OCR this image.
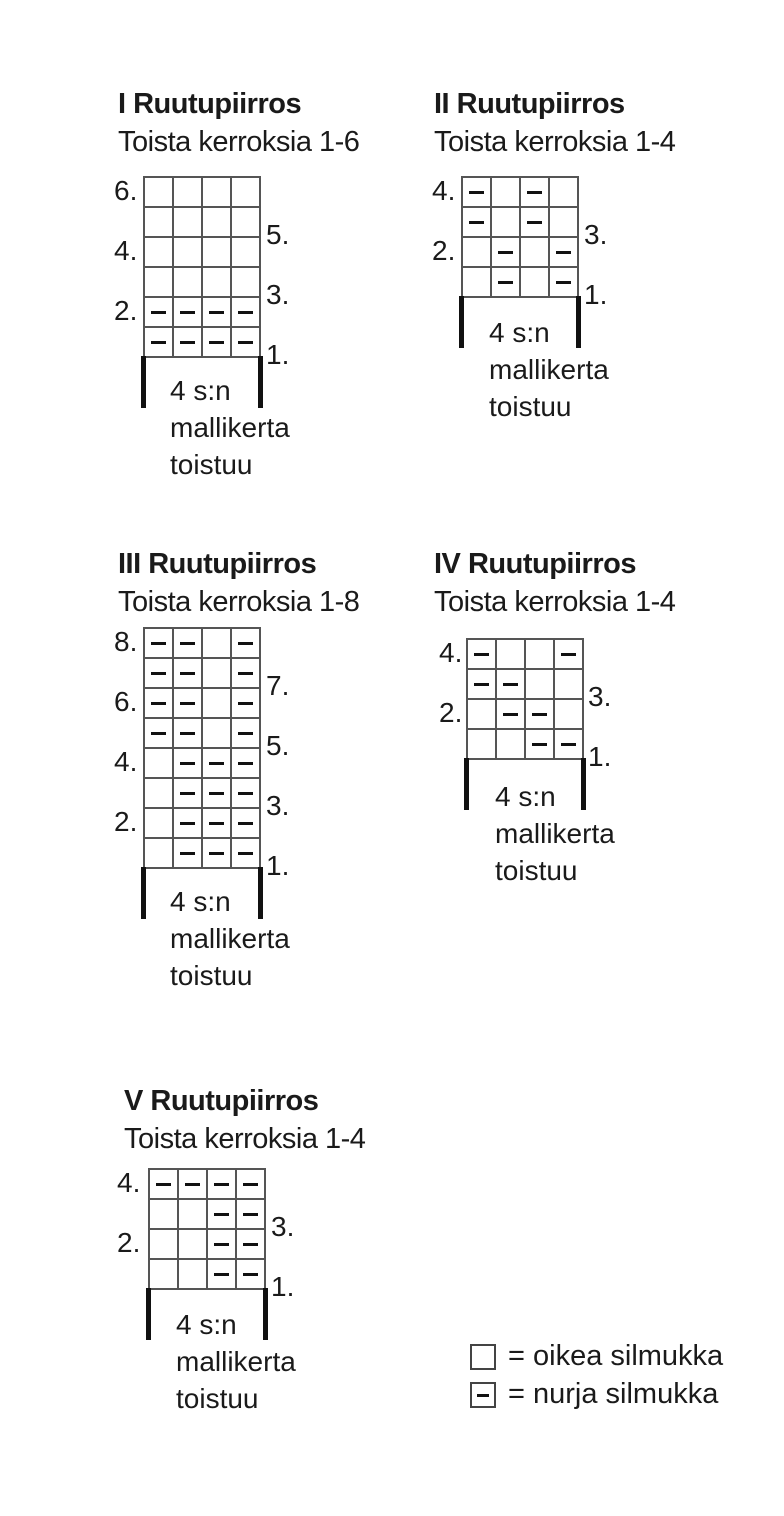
= oikea silmukka
= nurja silmukka
I Ruutupiirros
Toista kerroksia 1-6
6.
5.
4.
3.
2.
1.
4 s:n
mallikerta
toistuu
II Ruutupiirros
Toista kerroksia 1-4
4.
3.
2.
1.
4 s:n
mallikerta
toistuu
III Ruutupiirros
Toista kerroksia 1-8
8.
7.
6.
5.
4.
3.
2.
1.
4 s:n
mallikerta
toistuu
IV Ruutupiirros
Toista kerroksia 1-4
4.
3.
2.
1.
4 s:n
mallikerta
toistuu
V Ruutupiirros
Toista kerroksia 1-4
4.
3.
2.
1.
4 s:n
mallikerta
toistuu
